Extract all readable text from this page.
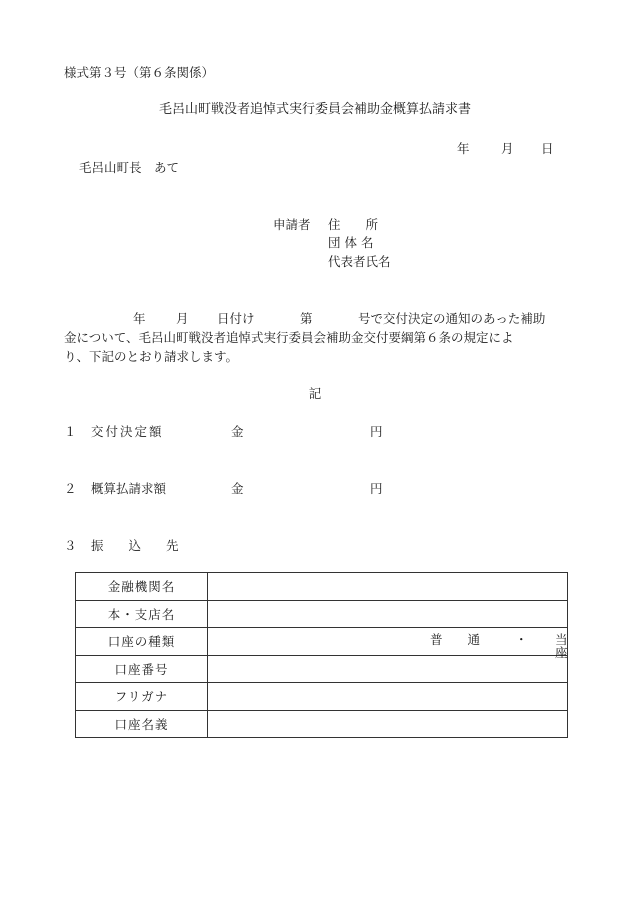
様式第３号（第６条関係）
毛呂山町戦没者追悼式実行委員会補助金概算払請求書
年	月 日
毛呂山町長　あて
申請者 住　　所
団 体 名
代表者氏名
年 月 日付け	第	号で交付決定の通知のあった補助
金について、毛呂山町戦没者追悼式実行委員会補助金交付要綱第６条の規定によ
り、下記のとおり請求します。
記
１ 交付決定額	金	円
２ 概算払請求額	金	円
３ 振　　込　　先
金融機関名	
本・支店名	
口座の種類	普　　通 ・ 当　　座

口座番号	
フリガナ	
口座名義	
